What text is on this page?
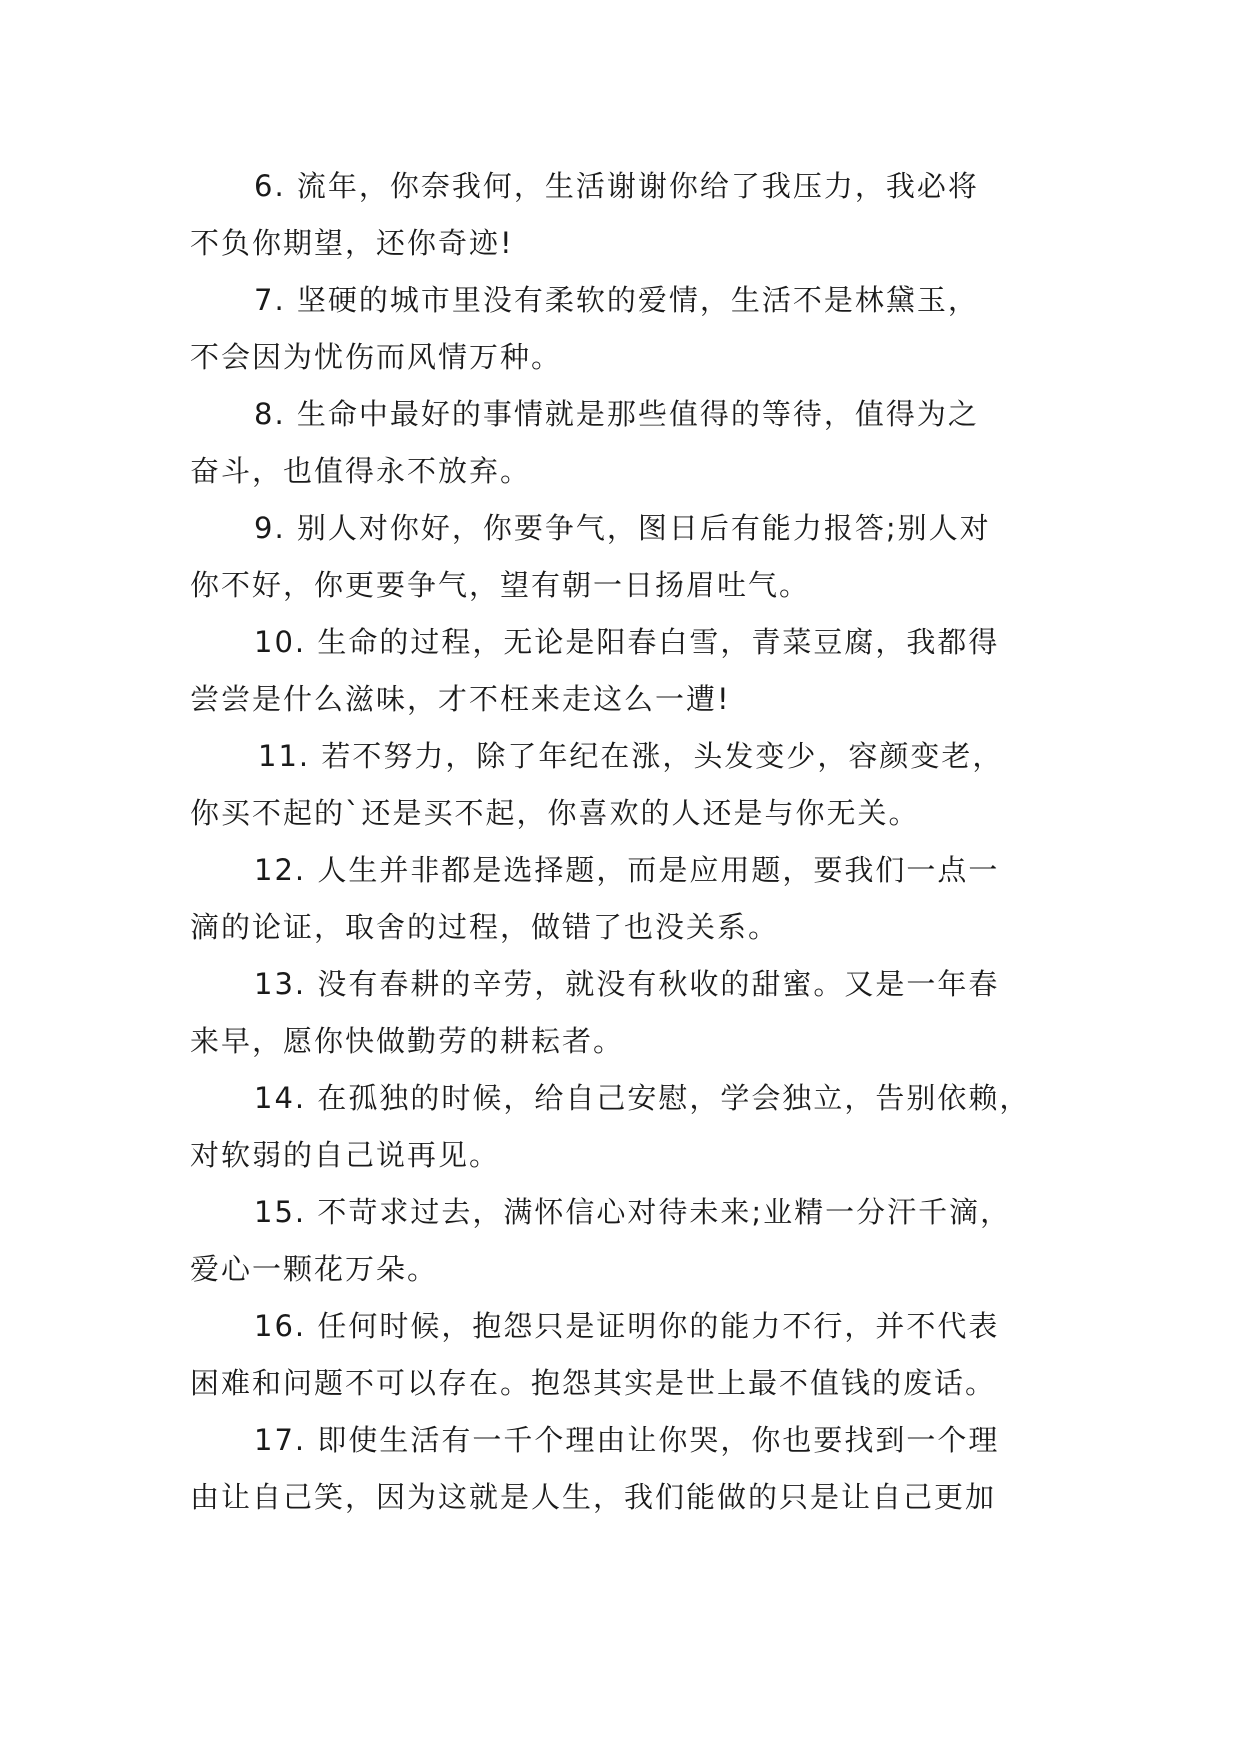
6. 流年，你奈我何，生活谢谢你给了我压力，我必将
不负你期望，还你奇迹!
7. 坚硬的城市里没有柔软的爱情，生活不是林黛玉，
不会因为忧伤而风情万种。
8. 生命中最好的事情就是那些值得的等待，值得为之
奋斗，也值得永不放弃。
9. 别人对你好，你要争气，图日后有能力报答;别人对
你不好，你更要争气，望有朝一日扬眉吐气。
10. 生命的过程，无论是阳春白雪，青菜豆腐，我都得
尝尝是什么滋味，才不枉来走这么一遭!
11. 若不努力，除了年纪在涨，头发变少，容颜变老，
你买不起的`还是买不起，你喜欢的人还是与你无关。
12. 人生并非都是选择题，而是应用题，要我们一点一
滴的论证，取舍的过程，做错了也没关系。
13. 没有春耕的辛劳，就没有秋收的甜蜜。又是一年春
来早，愿你快做勤劳的耕耘者。
14. 在孤独的时候，给自己安慰，学会独立，告别依赖，
对软弱的自己说再见。
15. 不苛求过去，满怀信心对待未来;业精一分汗千滴，
爱心一颗花万朵。
16. 任何时候，抱怨只是证明你的能力不行，并不代表
困难和问题不可以存在。抱怨其实是世上最不值钱的废话。
17. 即使生活有一千个理由让你哭，你也要找到一个理
由让自己笑，因为这就是人生，我们能做的只是让自己更加
